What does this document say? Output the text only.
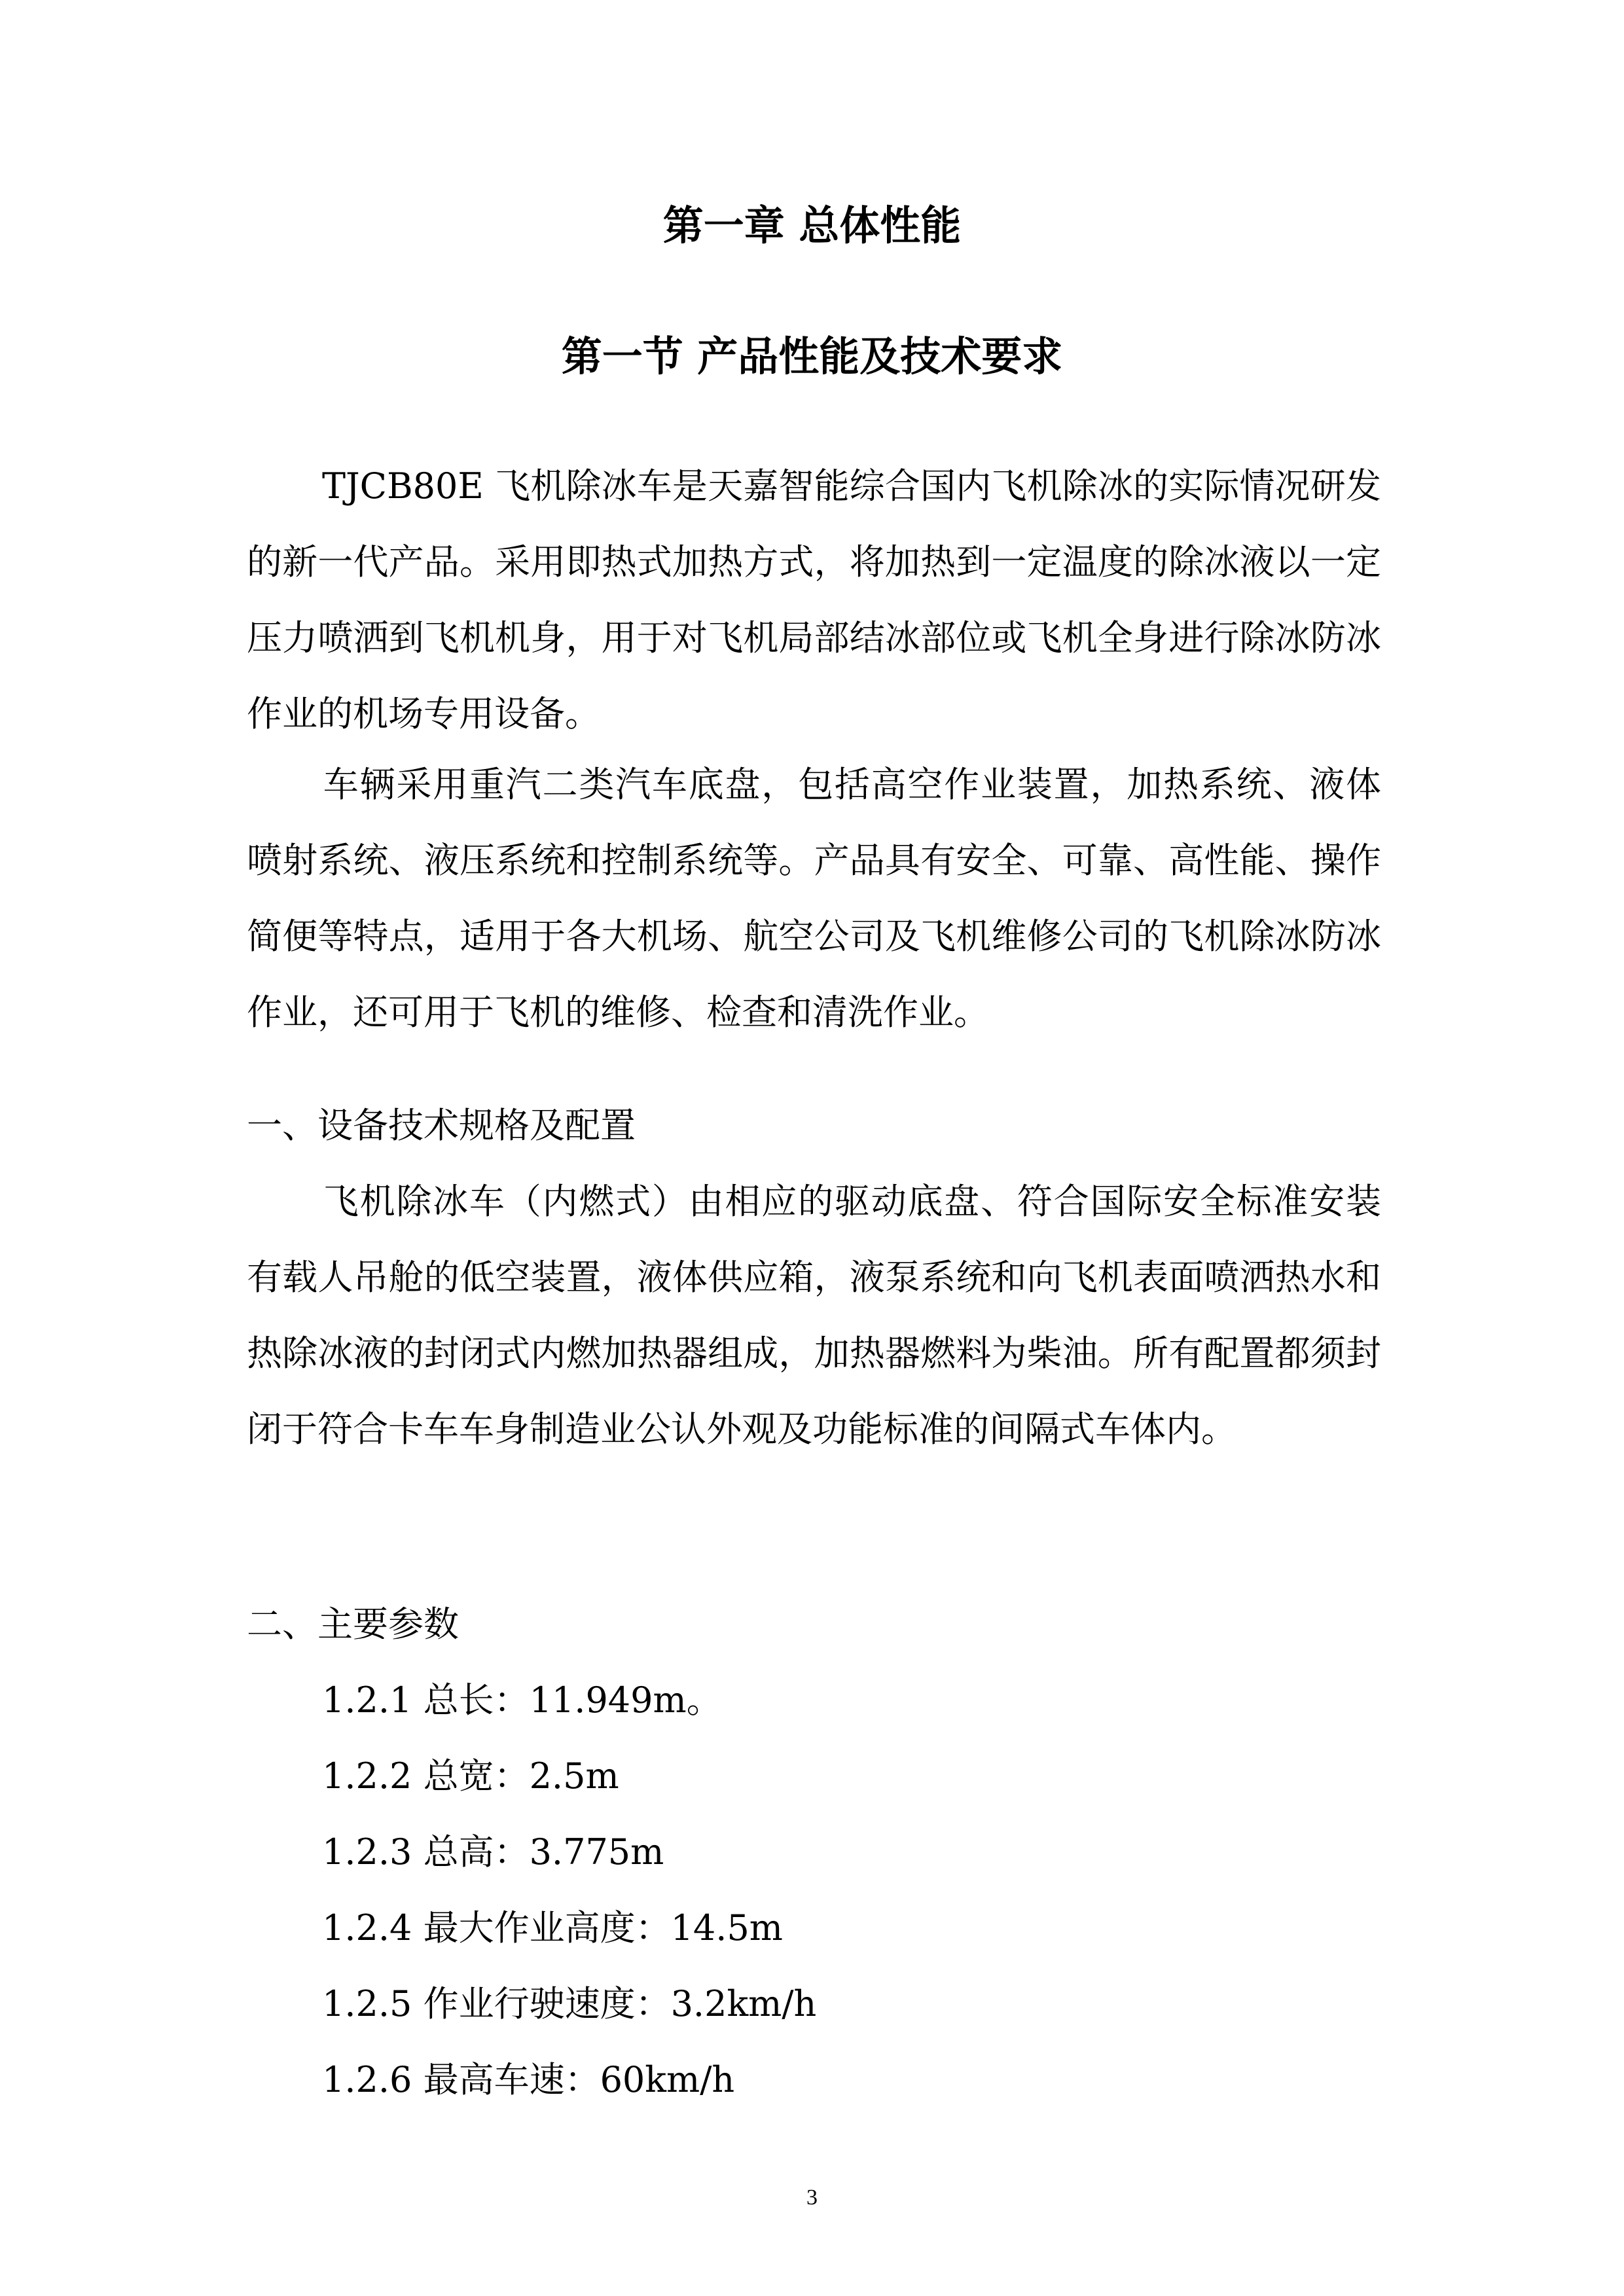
第一章 总体性能
第一节 产品性能及技术要求
TJCB80E 飞机除冰车是天嘉智能综合国内飞机除冰的实际情况研发的新一代产品。采用即热式加热方式，将加热到一定温度的除冰液以一定压力喷洒到飞机机身，用于对飞机局部结冰部位或飞机全身进行除冰防冰作业的机场专用设备。
车辆采用重汽二类汽车底盘，包括高空作业装置，加热系统、液体喷射系统、液压系统和控制系统等。产品具有安全、可靠、高性能、操作简便等特点，适用于各大机场、航空公司及飞机维修公司的飞机除冰防冰作业，还可用于飞机的维修、检查和清洗作业。
一、设备技术规格及配置
飞机除冰车（内燃式）由相应的驱动底盘、符合国际安全标准安装有载人吊舱的低空装置，液体供应箱，液泵系统和向飞机表面喷洒热水和热除冰液的封闭式内燃加热器组成，加热器燃料为柴油。所有配置都须封闭于符合卡车车身制造业公认外观及功能标准的间隔式车体内。
二、主要参数
1.2.1 总长：11.949m。
1.2.2 总宽：2.5m
1.2.3 总高：3.775m
1.2.4 最大作业高度：14.5m
1.2.5 作业行驶速度：3.2km/h
1.2.6 最高车速：60km/h
3
